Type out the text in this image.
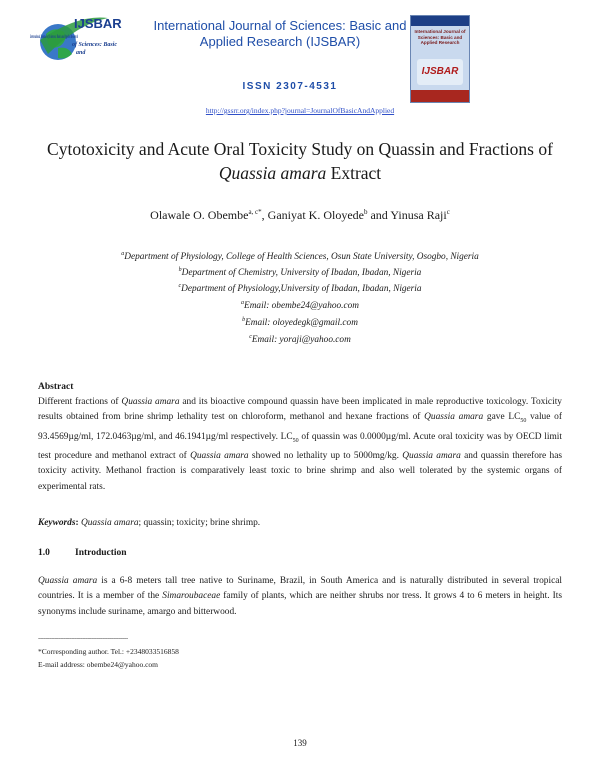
IJSBAR
International Journal of Sciences: Basic and Applied Research
of Sciences: Basic
and
International Journal of Sciences: Basic and
Applied Research (IJSBAR)
ISSN 2307-4531
http://gssrr.org/index.php?journal=JournalOfBasicAndApplied
International Journal of Sciences: Basic and Applied Research
IJSBAR
Cytotoxicity and Acute Oral Toxicity Study on Quassin and Fractions of
Quassia amara Extract
Olawale O. Obembe$^{a, c*}$, Ganiyat K. Oloyede$^b$ and Yinusa Raji$^c$
$^a$Department of Physiology, College of Health Sciences, Osun State University, Osogbo, Nigeria
$^b$Department of Chemistry, University of Ibadan, Ibadan, Nigeria
$^c$Department of Physiology,University of Ibadan, Ibadan, Nigeria
$^a$Email: obembe24@yahoo.com
$^b$Email: oloyedegk@gmail.com
$^c$Email: yoraji@yahoo.com
Abstract
Different fractions of Quassia amara and its bioactive compound quassin have been implicated in male reproductive toxicology. Toxicity results obtained from brine shrimp lethality test on chloroform, methanol and hexane fractions of Quassia amara gave $LC_{50}$ value of 93.4569µg/ml, 172.0463µg/ml, and 46.1941µg/ml respectively. $LC_{50}$ of quassin was 0.0000µg/ml. Acute oral toxicity was by OECD limit test procedure and methanol extract of Quassia amara showed no lethality up to 5000mg/kg. Quassia amara and quassin therefore has toxicity activity. Methanol fraction is comparatively least toxic to brine shrimp and also well tolerated by the systemic organs of experimental rats.
Keywords: Quassia amara; quassin; toxicity; brine shrimp.
1.0	Introduction
Quassia amara is a 6-8 meters tall tree native to Suriname, Brazil, in South America and is naturally distributed in several tropical countries. It is a member of the Simaroubaceae family of plants, which are neither shrubs nor tress. It grows 4 to 6 meters in height. Its synonyms include suriname, amargo and bitterwood.
-------------------------------------------------
*Corresponding author. Tel.: +2348033516858
E-mail address: obembe24@yahoo.com
139
